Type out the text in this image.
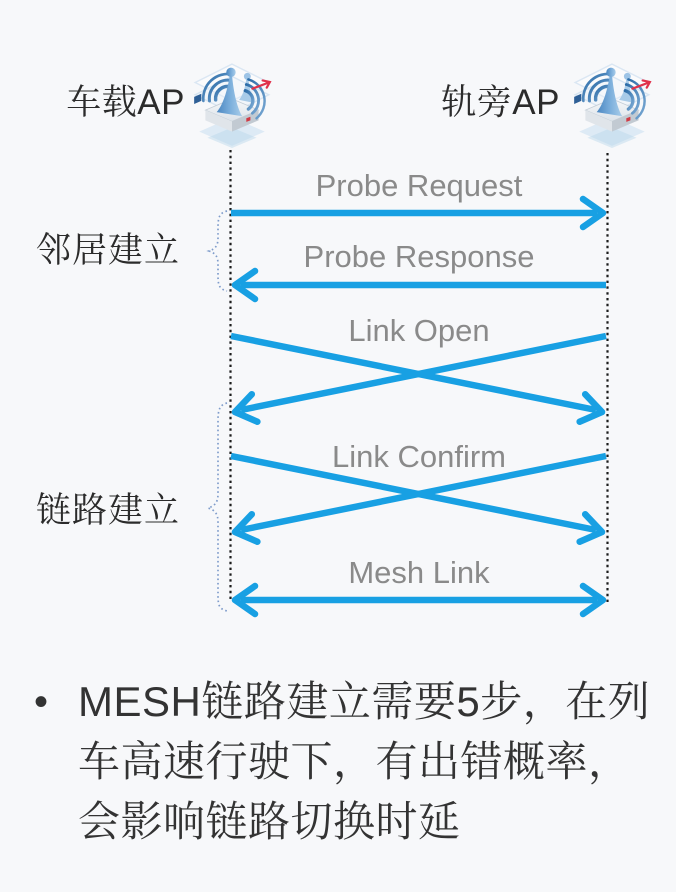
车载AP	轨旁AP
Probe Request
Probe Response
Link Open
Link Confirm
Mesh Link
邻居建立
链路建立
• MESH链路建立需要5步，在列车高速行驶下，有出错概率，会影响链路切换时延
